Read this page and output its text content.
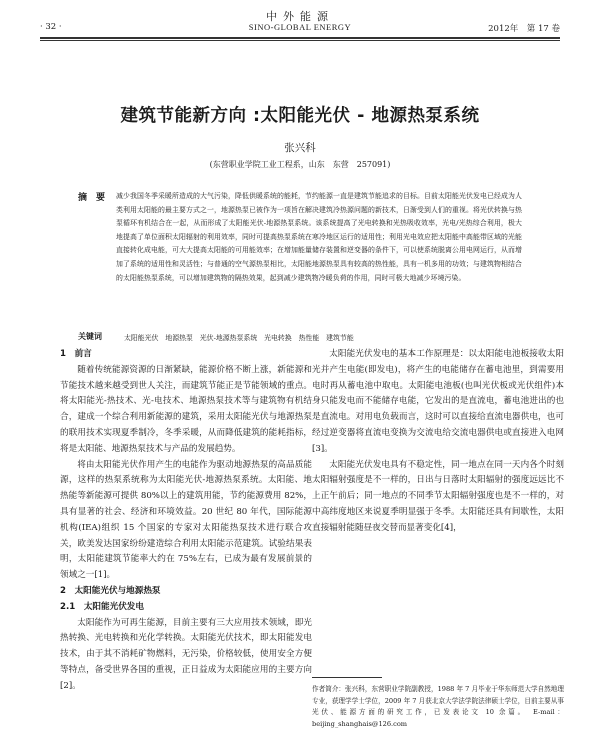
中外能源
· 32 ·	SINO-GLOBAL ENERGY	2012年　第 17 卷
建筑节能新方向 :太阳能光伏 - 地源热泵系统
张兴科
(东营职业学院工业工程系，山东　东营　257091)
摘　要 减少我国冬季采暖所造成的大气污染，降低供暖系统的能耗，节约能源一直是建筑节能追求的目标。目前太阳能光伏发电已经成为人类利用太阳能的最主要方式之一，地源热泵已被作为一项旨在解决建筑冷热源问题的新技术，日渐受到人们的重视。将光伏转换与热泵循环有机结合在一起，从而形成了太阳能光伏-地源热泵系统。该系统提高了光电转换和光热吸收效率，光电/光热综合利用，极大地提高了单位面积太阳辐射的利用效率，同时可提高热泵系统在寒冷地区运行的适用性；利用光电效应把太阳能中高能带区域的光能直接转化成电能，可大大提高太阳能的可用能效率；在增加能量储存装置和逆变器的条件下，可以使系统脱离公用电网运行，从而增加了系统的适用性和灵活性；与普通的空气源热泵相比，太阳能地源热泵具有较高的热性能，具有一机多用的功效；与建筑物相结合的太阳能热泵系统，可以增加建筑物的隔热效果，起到减少建筑物冷暖负荷的作用，同时可极大地减少环境污染。
关键词	太阳能光伏　地源热泵　光伏-地源热泵系统　光电转换　热性能　建筑节能

1　前言

随着传统能源资源的日渐紧缺，能源价格不断上涨，新能源和节能技术越来越受到世人关注，而建筑节能正是节能领域的重点。将太阳能光-热技术、光-电技术、地源热泵技术等与建筑物有机结合，建成一个综合利用新能源的建筑，采用太阳能光伏与地源热泵的联用技术实现夏季制冷，冬季采暖，从而降低建筑的能耗指标，将是太阳能、地源热泵技术与产品的发展趋势。

将由太阳能光伏作用产生的电能作为驱动地源热泵的高品质能源，这样的热泵系统称为太阳能光伏-地源热泵系统。太阳能、地热能等新能源可提供 80%以上的建筑用能，节约能源费用 82%，具有显著的社会、经济和环境效益。20 世纪 80 年代，国际能源机构(IEA)组织 15 个国家的专家对太阳能热泵技术进行联合攻关，欧美发达国家纷纷建造综合利用太阳能示范建筑。试验结果表明，太阳能建筑节能率大约在 75%左右，已成为最有发展前景的领域之一[1]。

2　太阳能光伏与地源热泵

2.1　太阳能光伏发电

太阳能作为可再生能源，目前主要有三大应用技术领域，即光热转换、光电转换和光化学转换。太阳能光伏技术，即太阳能发电技术，由于其不消耗矿物燃料，无污染，价格较低，使用安全方便等特点，备受世界各国的重视，正日益成为太阳能应用的主要方向[2]。

太阳能光伏发电的基本工作原理是：以太阳能电池板接收太阳光并产生电能(即发电)，将产生的电能储存在蓄电池里，到需要用电时再从蓄电池中取电。太阳能电池板(也叫光伏板或光伏组件)本身只能发电而不能储存电能，它发出的是直流电，蓄电池进出的也是直流电。对用电负载而言，这时可以直接给直流电器供电，也可经过逆变器将直流电变换为交流电给交流电器供电或直接进入电网[3]。

太阳能光伏发电具有不稳定性，同一地点在同一天内各个时刻太阳辐射强度是不一样的，日出与日落时太阳辐射的强度远远比不上正午前后；同一地点的不同季节太阳辐射强度也是不一样的，对中高纬度地区来说夏季明显强于冬季。太阳能还具有间歇性，太阳直接辐射能随昼夜交替而显著变化[4]，

作者简介：张兴科，东营职业学院副教授，1988 年 7 月毕业于华东师范大学自然地理专业，获理学学士学位，2009 年 7 月获北京大学法学院法律硕士学位，目前主要从事光伏、能源方面的研究工作，已发表论文 10 余篇。　E-mail：beijing_shanghais@126.com
